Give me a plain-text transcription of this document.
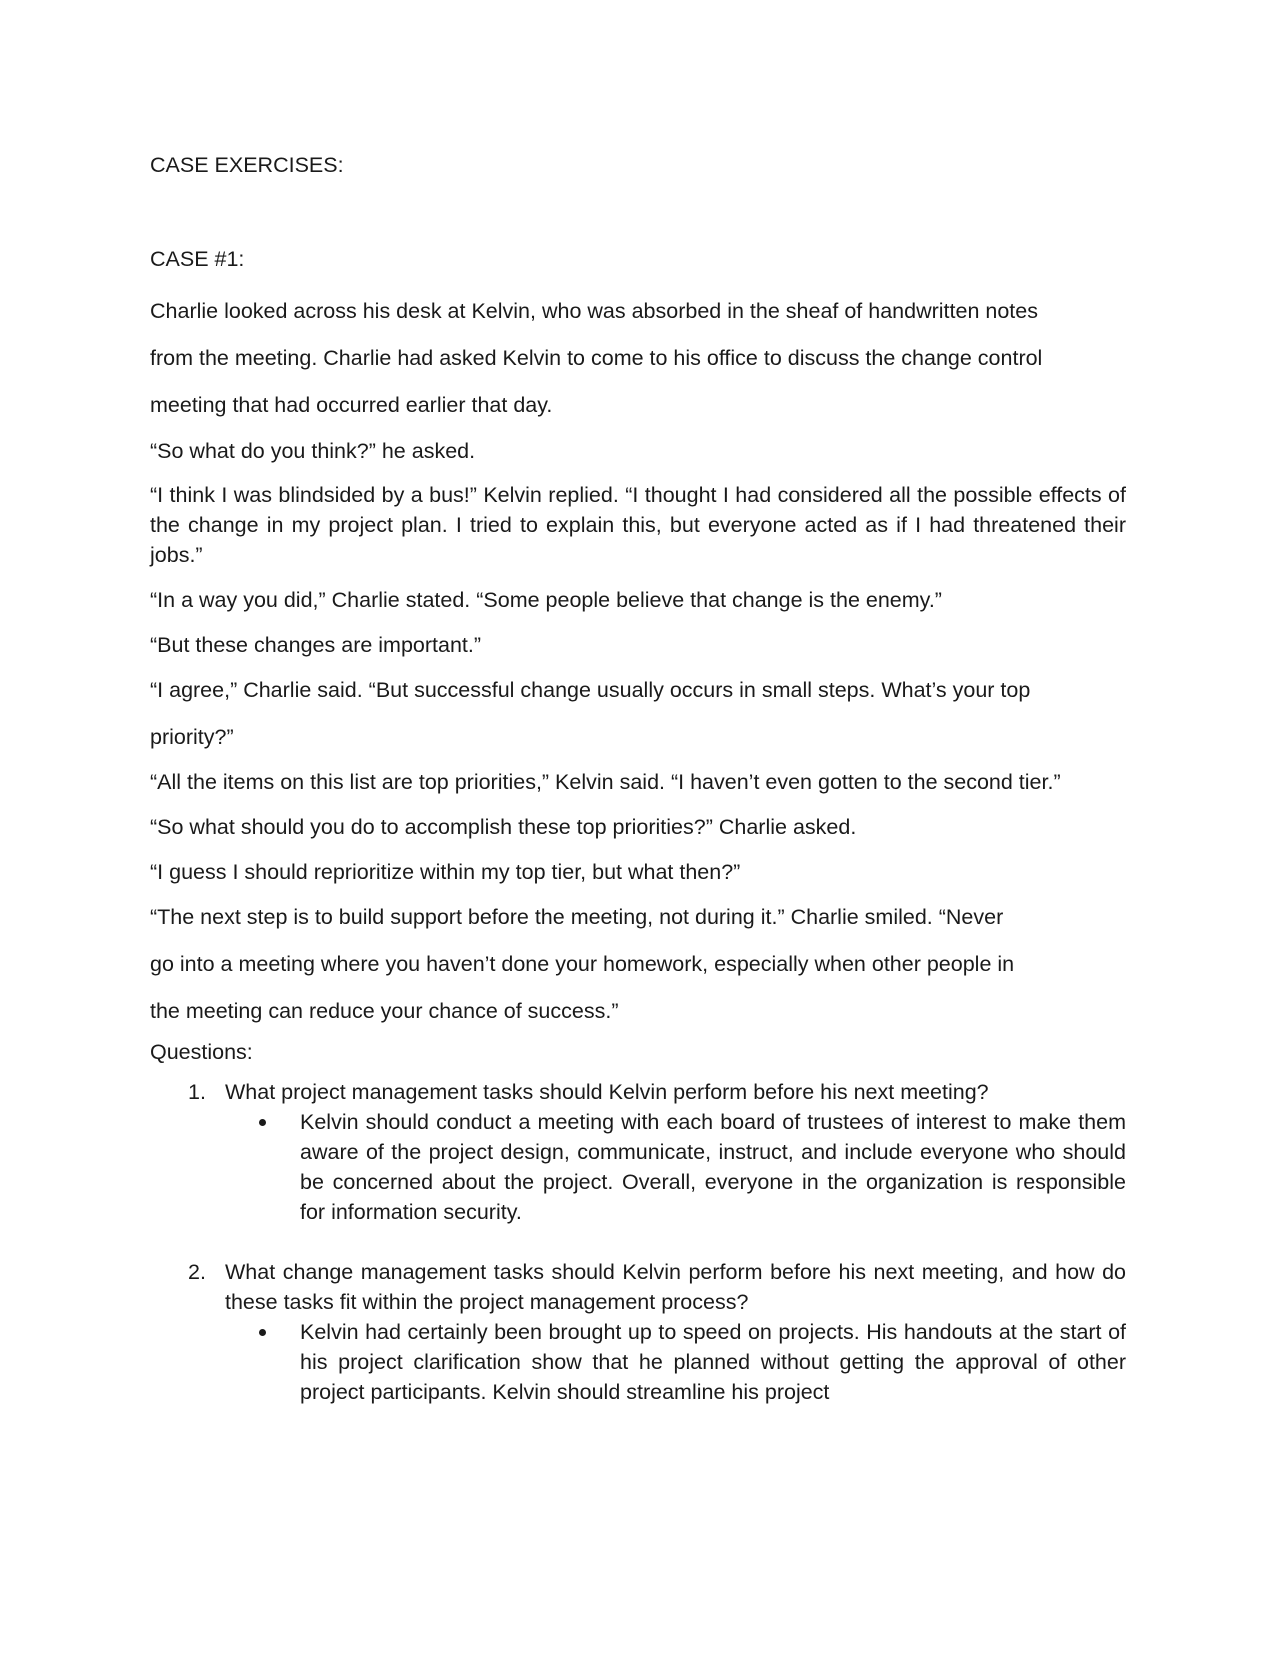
CASE EXERCISES:

CASE #1:

Charlie looked across his desk at Kelvin, who was absorbed in the sheaf of handwritten notes
from the meeting. Charlie had asked Kelvin to come to his office to discuss the change control
meeting that had occurred earlier that day.

“So what do you think?” he asked.

“I think I was blindsided by a bus!” Kelvin replied. “I thought I had considered all the possible effects of the change in my project plan. I tried to explain this, but everyone acted as if I had threatened their jobs.”

“In a way you did,” Charlie stated. “Some people believe that change is the enemy.”

“But these changes are important.”

“I agree,” Charlie said. “But successful change usually occurs in small steps. What’s your top
priority?”

“All the items on this list are top priorities,” Kelvin said. “I haven’t even gotten to the second tier.”

“So what should you do to accomplish these top priorities?” Charlie asked.

“I guess I should reprioritize within my top tier, but what then?”

“The next step is to build support before the meeting, not during it.” Charlie smiled. “Never
go into a meeting where you haven’t done your homework, especially when other people in
the meeting can reduce your chance of success.”

Questions:

1. What project management tasks should Kelvin perform before his next meeting?
Kelvin should conduct a meeting with each board of trustees of interest to make them aware of the project design, communicate, instruct, and include everyone who should be concerned about the project. Overall, everyone in the organization is responsible for information security.
2. What change management tasks should Kelvin perform before his next meeting, and how do these tasks fit within the project management process?
Kelvin had certainly been brought up to speed on projects. His handouts at the start of his project clarification show that he planned without getting the approval of other project participants. Kelvin should streamline his project
